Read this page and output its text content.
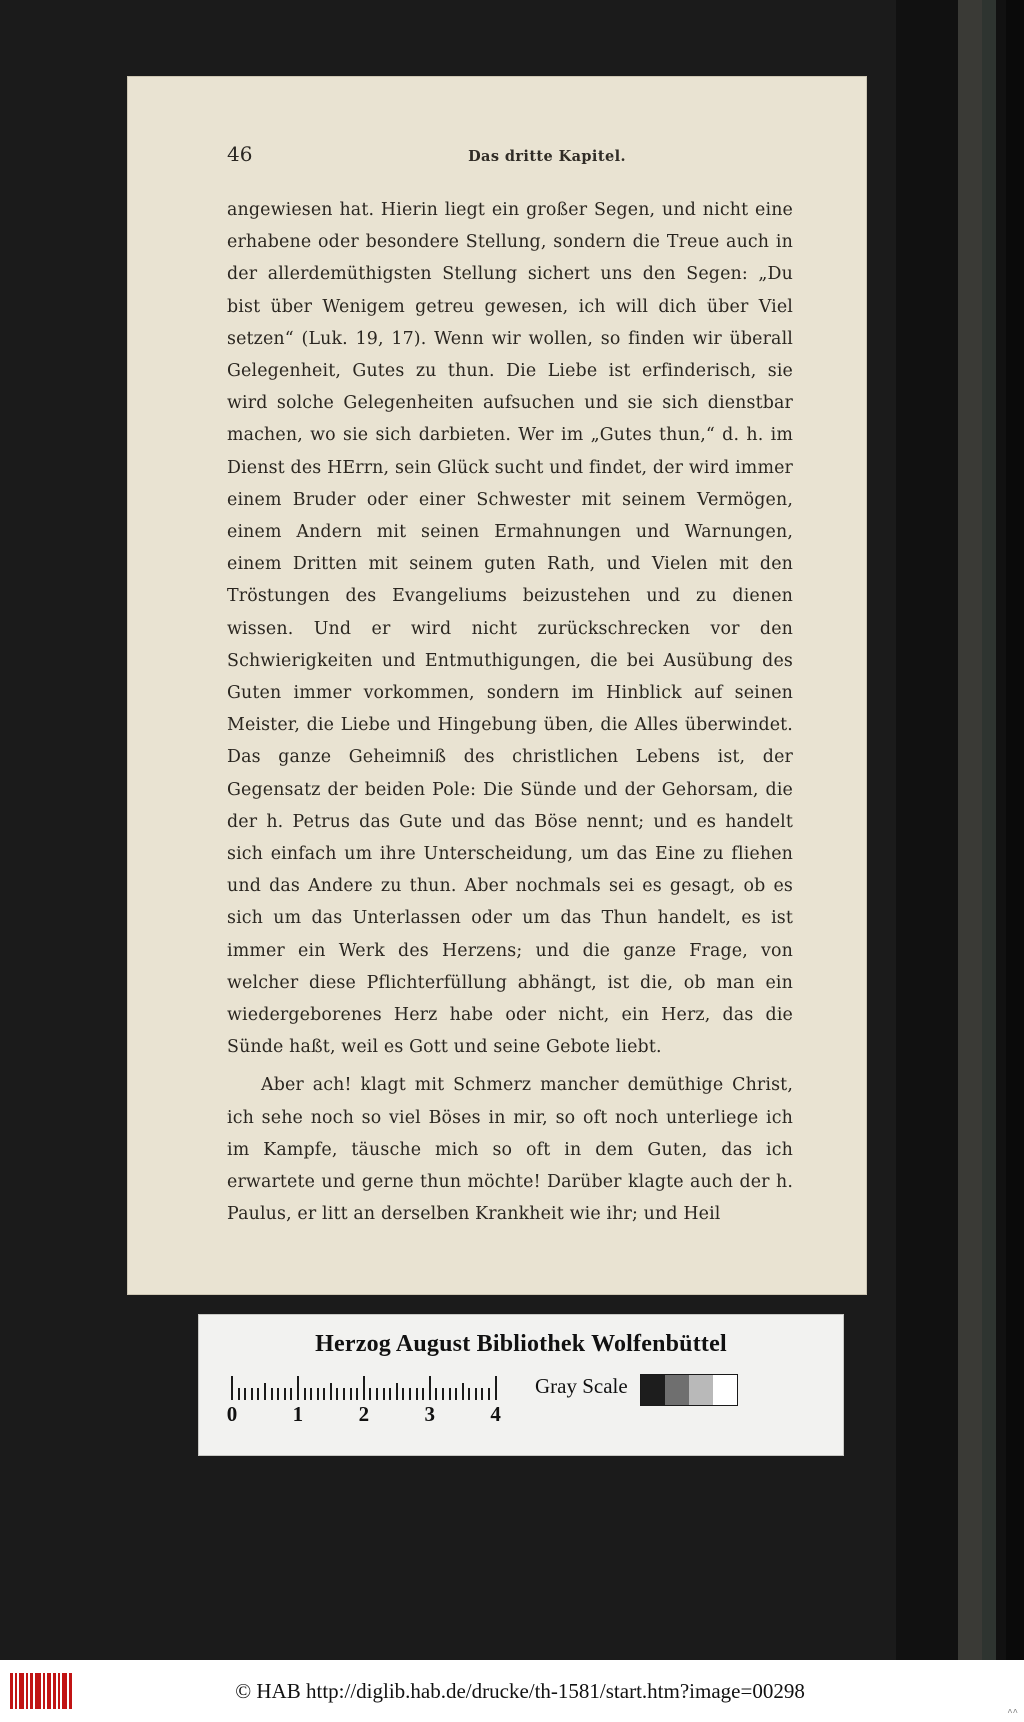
46	Das dritte Kapitel.

angewiesen hat. Hierin liegt ein großer Segen, und nicht eine erhabene oder besondere Stellung, sondern die Treue auch in der allerdemüthigsten Stellung sichert uns den Segen: „Du bist über Wenigem getreu gewesen, ich will dich über Viel setzen“ (Luk. 19, 17). Wenn wir wollen, so finden wir überall Gelegenheit, Gutes zu thun. Die Liebe ist erfinderisch, sie wird solche Gelegenheiten aufsuchen und sie sich dienstbar machen, wo sie sich darbieten. Wer im „Gutes thun,“ d. h. im Dienst des HErrn, sein Glück sucht und findet, der wird immer einem Bruder oder einer Schwester mit seinem Vermögen, einem Andern mit seinen Ermahnungen und Warnungen, einem Dritten mit seinem guten Rath, und Vielen mit den Tröstungen des Evangeliums beizustehen und zu dienen wissen. Und er wird nicht zurückschrecken vor den Schwierigkeiten und Entmuthigungen, die bei Ausübung des Guten immer vorkommen, sondern im Hinblick auf seinen Meister, die Liebe und Hingebung üben, die Alles überwindet. Das ganze Geheimniß des christlichen Lebens ist, der Gegensatz der beiden Pole: Die Sünde und der Gehorsam, die der h. Petrus das Gute und das Böse nennt; und es handelt sich einfach um ihre Unterscheidung, um das Eine zu fliehen und das Andere zu thun. Aber nochmals sei es gesagt, ob es sich um das Unterlassen oder um das Thun handelt, es ist immer ein Werk des Herzens; und die ganze Frage, von welcher diese Pflichterfüllung abhängt, ist die, ob man ein wiedergeborenes Herz habe oder nicht, ein Herz, das die Sünde haßt, weil es Gott und seine Gebote liebt.

Aber ach! klagt mit Schmerz mancher demüthige Christ, ich sehe noch so viel Böses in mir, so oft noch unterliege ich im Kampfe, täusche mich so oft in dem Guten, das ich erwartete und gerne thun möchte! Darüber klagte auch der h. Paulus, er litt an derselben Krankheit wie ihr; und Heil

Herzog August Bibliothek Wolfenbüttel
0	1	2	3	4
Gray Scale
© HAB http://diglib.hab.de/drucke/th-1581/start.htm?image=00298
^^
